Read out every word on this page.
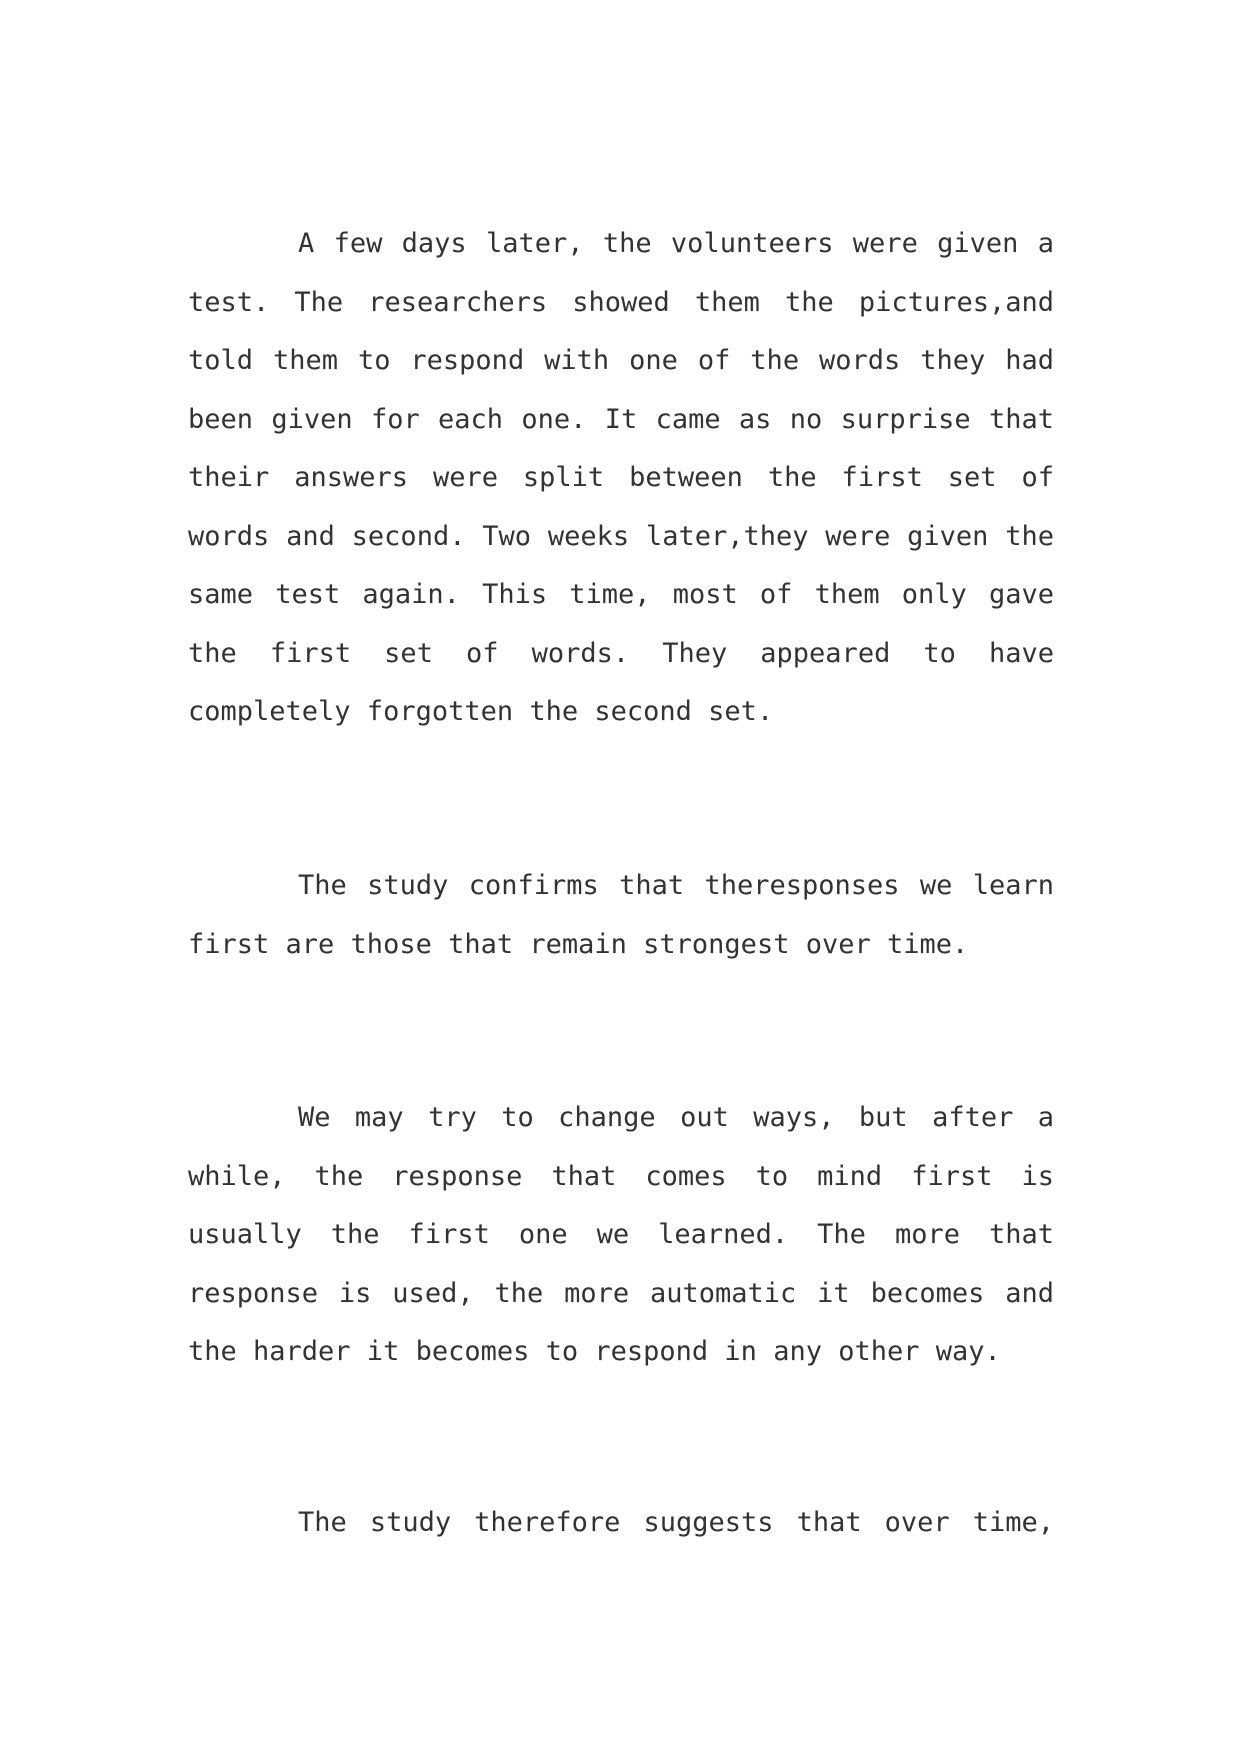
A few days later, the volunteers were given a test. The researchers showed them the pictures,and told them to respond with one of the words they had been given for each one. It came as no surprise that their answers were split between the first set of words and second. Two weeks later,they were given the same test again. This time, most of them only gave the first set of words. They appeared to have completely forgotten the second set.

The study confirms that theresponses we learn first are those that remain strongest over time.

We may try to change out ways, but after a while, the response that comes to mind first is usually the first one we learned. The more that response is used, the more automatic it becomes and the harder it becomes to respond in any other way.

The study therefore suggests that over time,
